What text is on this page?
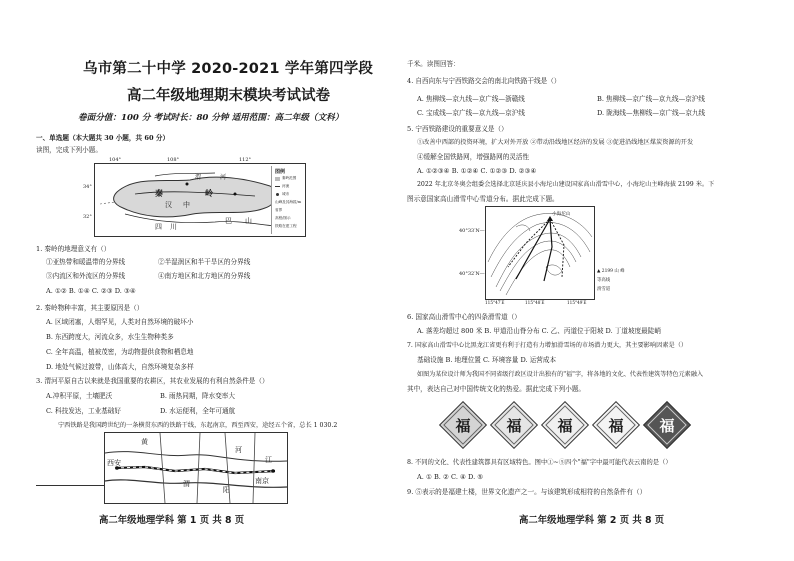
乌市第二十中学 2020-2021 学年第四学段
高二年级地理期末模块考试试卷
卷面分值：100 分 考试时长：80 分钟 适用范围：高二年级（文科）
一、单选题（本大题共 30 小题，共 60 分）
读图，完成下列小题。
104°	108°	112°
34°
32°
秦	岭
汉 中
渭	河
四 川
巴 山
图例
秦岭范围
河流
城市
山峰及其海拔/m
省界
高程/图示
铁路在建工程
1. 秦岭的地理意义有（）
①亚热带和暖温带的分界线	②半湿润区和半干旱区的分界线
③内流区和外流区的分界线	④南方地区和北方地区的分界线
A. ①② B. ①④ C. ②③ D. ③④
2. 秦岭物种丰富，其主要原因是（）
A. 区域闭塞，人烟罕见，人类对自然环境的破坏小
B. 东西跨度大，河流众多，水生生物种类多
C. 全年高温，植被茂密，为动物提供食物和栖息地
D. 地处气候过渡带，山体高大，自然环境复杂多样
3. 渭河平原自古以来就是我国重要的农耕区，其农业发展的有利自然条件是（）
A.冲积平原，土壤肥沃	B. 雨热同期，降水变率大
C. 科技发达，工业基础好	D. 水运便利，全年可通航
宁西铁路是我国跨世纪的一条横贯东西的铁路干线，东起南京，西至西安，途经五个省，总长 1 030.2
西安
南京
江
河
渭
黄
阳
高二年级地理学科 第 1 页 共 8 页
千米。读图回答：
4. 自西向东与宁西铁路交会的南北向铁路干线是（）
A. 焦柳线—京九线—京广线—浙赣线	B. 焦柳线—京广线—京九线—京沪线
C. 宝成线—京广线—京九线—京沪线	D. 陇海线—焦柳线—京广线—京九线
5. 宁西铁路建设的重要意义是（）
①改善中西部的投资环境，扩大对外开放 ②带动沿线地区经济的发展 ③促进沿线地区煤炭资源的开发
④缓解全国铁路网，增强路网的灵活性
A. ①②③④ B. ①②④ C. ①②③ D. ②③④
2022 年北京冬奥会组委会选择北京延庆县小海坨山建设国家高山滑雪中心，小海坨山主峰海拔 2199 米。下
图示意国家高山滑雪中心雪道分布。据此完成下题。
40°33′N—
40°32′N—
小海坨山
115°47′E	115°48′E	115°49′E
▲ 2199 山 峰
等高线
滑雪道
6. 国家高山滑雪中心的四条滑雪道（）
A. 落差均超过 800 米 B. 甲道沿山脊分布 C. 乙、丙道位于阳坡 D. 丁道坡度最陡峭
7. 国家高山滑雪中心比黑龙江省更有利于打造有力增加滑雪场的市场潜力更大，其主要影响因素是（）
基础设施 B. 地理位置 C. 环境容量 D. 运营成本
如图为某位设计师为我国不同省级行政区设计出独有的"福"字，将各地的文化、代表性建筑等特色元素融入
其中，表达自己对中国传统文化的热爱。据此完成下列小题。
福	福	福	福	福
8. 不同的文化、代表性建筑都具有区域特色。图中①~⑤四个"福"字中最可能代表云南的是（）
A. ① B. ② C. ④ D. ⑤
9. ⑤表示的是福建土楼，世界文化遗产之一。与该建筑形成相符的自然条件有（）
高二年级地理学科 第 2 页 共 8 页
